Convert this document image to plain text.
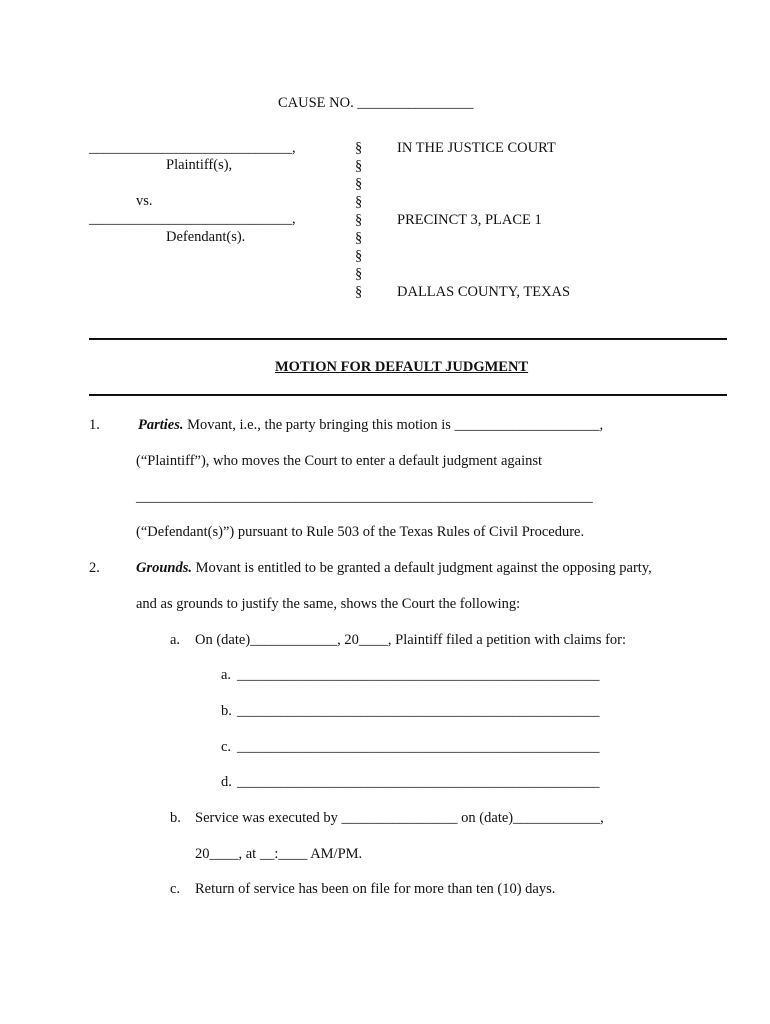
CAUSE NO. ________________
____________________________,
Plaintiff(s),
vs.
____________________________,
Defendant(s).
§
§
§
§
§
§
§
§
§
IN THE JUSTICE COURT
PRECINCT 3, PLACE 1
DALLAS COUNTY, TEXAS
MOTION FOR DEFAULT JUDGMENT
1.	Parties. Movant, i.e., the party bringing this motion is ____________________,
(“Plaintiff”), who moves the Court to enter a default judgment against
_______________________________________________________________
(“Defendant(s)”) pursuant to Rule 503 of the Texas Rules of Civil Procedure.
2. Grounds. Movant is entitled to be granted a default judgment against the opposing party,
and as grounds to justify the same, shows the Court the following:
a. On (date)____________, 20____, Plaintiff filed a petition with claims for:
a. __________________________________________________
b. __________________________________________________
c. __________________________________________________
d. __________________________________________________
b. Service was executed by ________________ on (date)____________,
20____, at __:____ AM/PM.
c. Return of service has been on file for more than ten (10) days.
